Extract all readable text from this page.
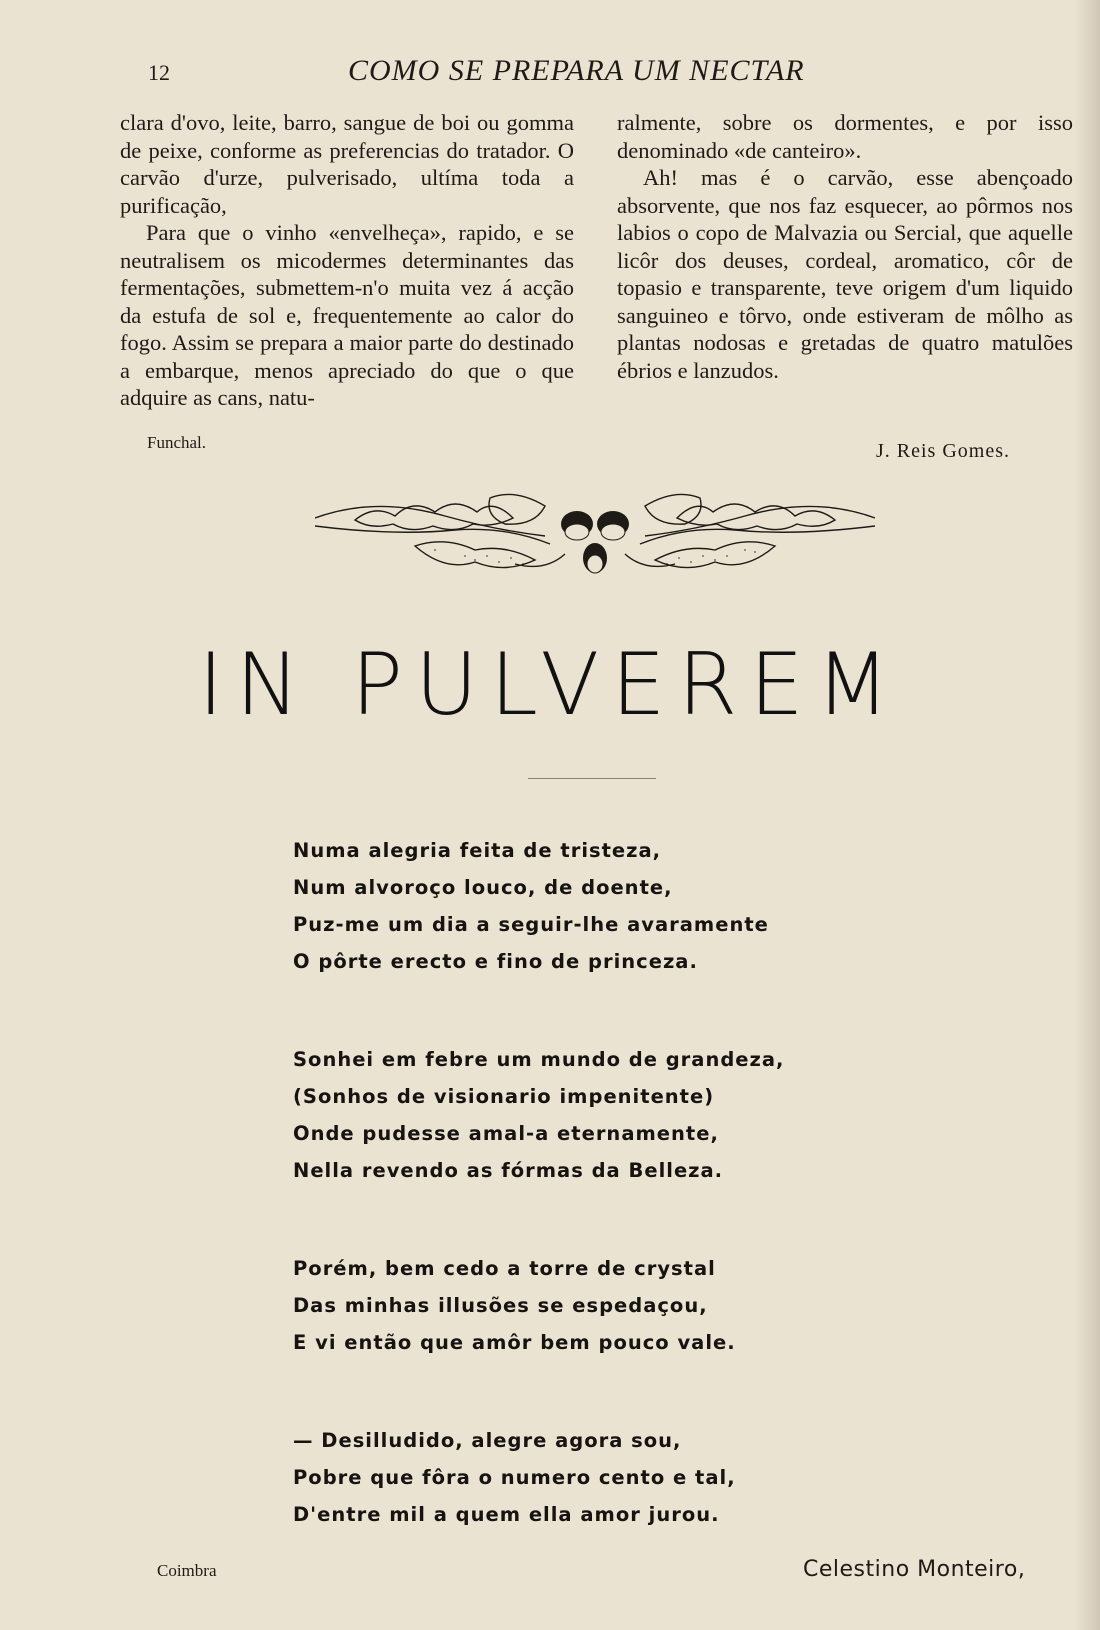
12	COMO SE PREPARA UM NECTAR

clara d'ovo, leite, barro, sangue de boi ou gomma de peixe, conforme as preferencias do tratador. O carvão d'urze, pulverisado, ultíma toda a purificação,

Para que o vinho «envelheça», rapido, e se neutralisem os micodermes determinantes das fermentações, submettem-n'o muita vez á acção da estufa de sol e, frequentemente ao calor do fogo. Assim se prepara a maior parte do destinado a embarque, menos apreciado do que o que adquire as cans, natu-

ralmente, sobre os dormentes, e por isso denominado «de canteiro».

Ah! mas é o carvão, esse abençoado absorvente, que nos faz esquecer, ao pôrmos nos labios o copo de Malvazia ou Sercial, que aquelle licôr dos deuses, cordeal, aromatico, côr de topasio e transparente, teve origem d'um liquido sanguineo e tôrvo, onde estiveram de môlho as plantas nodosas e gretadas de quatro matulões ébrios e lanzudos.

Funchal.	J. Reis Gomes.
IN PULVEREM
Numa alegria feita de tristeza,
Num alvoroço louco, de doente,
Puz-me um dia a seguir-lhe avaramente
O pôrte erecto e fino de princeza.
Sonhei em febre um mundo de grandeza,
(Sonhos de visionario impenitente)
Onde pudesse amal-a eternamente,
Nella revendo as fórmas da Belleza.
Porém, bem cedo a torre de crystal
Das minhas illusões se espedaçou,
E vi então que amôr bem pouco vale.
— Desilludido, alegre agora sou,
Pobre que fôra o numero cento e tal,
D'entre mil a quem ella amor jurou.
Coimbra	Celestino Monteiro,
